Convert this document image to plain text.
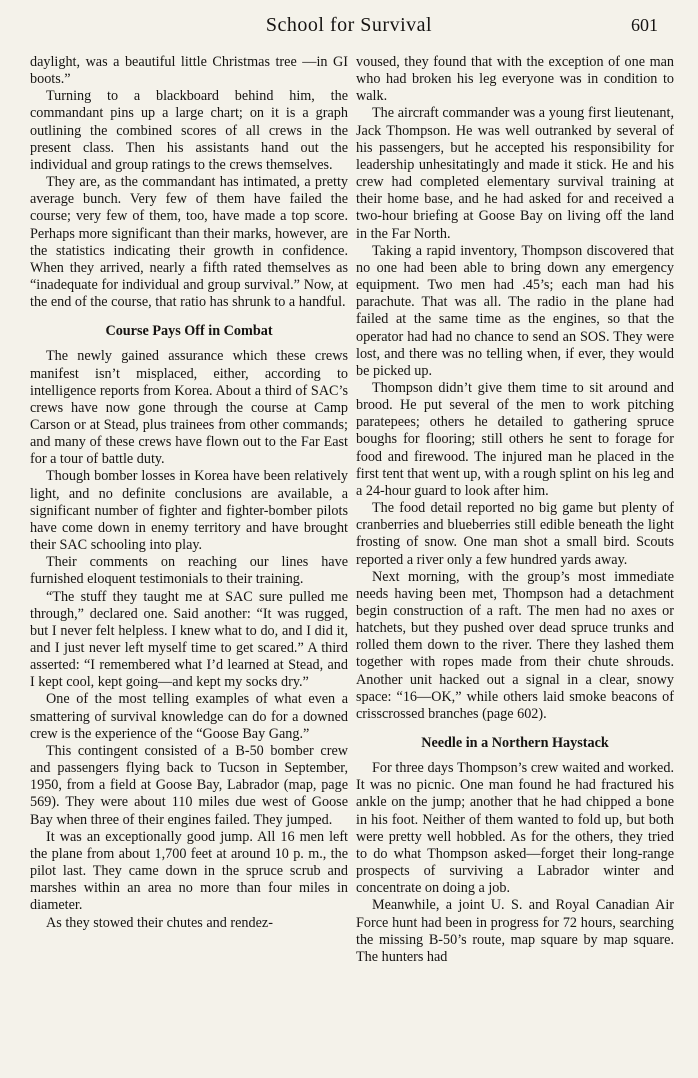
School for Survival	601

daylight, was a beautiful little Christmas tree —in GI boots.”

Turning to a blackboard behind him, the commandant pins up a large chart; on it is a graph outlining the combined scores of all crews in the present class. Then his assistants hand out the individual and group ratings to the crews themselves.

They are, as the commandant has intimated, a pretty average bunch. Very few of them have failed the course; very few of them, too, have made a top score. Perhaps more significant than their marks, however, are the statistics indicating their growth in confidence. When they arrived, nearly a fifth rated themselves as “inadequate for individual and group survival.” Now, at the end of the course, that ratio has shrunk to a handful.

Course Pays Off in Combat

The newly gained assurance which these crews manifest isn’t misplaced, either, according to intelligence reports from Korea. About a third of SAC’s crews have now gone through the course at Camp Carson or at Stead, plus trainees from other commands; and many of these crews have flown out to the Far East for a tour of battle duty.

Though bomber losses in Korea have been relatively light, and no definite conclusions are available, a significant number of fighter and fighter-bomber pilots have come down in enemy territory and have brought their SAC schooling into play.

Their comments on reaching our lines have furnished eloquent testimonials to their training.

“The stuff they taught me at SAC sure pulled me through,” declared one. Said another: “It was rugged, but I never felt helpless. I knew what to do, and I did it, and I just never left myself time to get scared.” A third asserted: “I remembered what I’d learned at Stead, and I kept cool, kept going—and kept my socks dry.”

One of the most telling examples of what even a smattering of survival knowledge can do for a downed crew is the experience of the “Goose Bay Gang.”

This contingent consisted of a B-50 bomber crew and passengers flying back to Tucson in September, 1950, from a field at Goose Bay, Labrador (map, page 569). They were about 110 miles due west of Goose Bay when three of their engines failed. They jumped.

It was an exceptionally good jump. All 16 men left the plane from about 1,700 feet at around 10 p. m., the pilot last. They came down in the spruce scrub and marshes within an area no more than four miles in diameter.

As they stowed their chutes and rendez-

voused, they found that with the exception of one man who had broken his leg everyone was in condition to walk.

The aircraft commander was a young first lieutenant, Jack Thompson. He was well outranked by several of his passengers, but he accepted his responsibility for leadership unhesitatingly and made it stick. He and his crew had completed elementary survival training at their home base, and he had asked for and received a two-hour briefing at Goose Bay on living off the land in the Far North.

Taking a rapid inventory, Thompson discovered that no one had been able to bring down any emergency equipment. Two men had .45’s; each man had his parachute. That was all. The radio in the plane had failed at the same time as the engines, so that the operator had had no chance to send an SOS. They were lost, and there was no telling when, if ever, they would be picked up.

Thompson didn’t give them time to sit around and brood. He put several of the men to work pitching paratepees; others he detailed to gathering spruce boughs for flooring; still others he sent to forage for food and firewood. The injured man he placed in the first tent that went up, with a rough splint on his leg and a 24-hour guard to look after him.

The food detail reported no big game but plenty of cranberries and blueberries still edible beneath the light frosting of snow. One man shot a small bird. Scouts reported a river only a few hundred yards away.

Next morning, with the group’s most immediate needs having been met, Thompson had a detachment begin construction of a raft. The men had no axes or hatchets, but they pushed over dead spruce trunks and rolled them down to the river. There they lashed them together with ropes made from their chute shrouds. Another unit hacked out a signal in a clear, snowy space: “16—OK,” while others laid smoke beacons of crisscrossed branches (page 602).

Needle in a Northern Haystack

For three days Thompson’s crew waited and worked. It was no picnic. One man found he had fractured his ankle on the jump; another that he had chipped a bone in his foot. Neither of them wanted to fold up, but both were pretty well hobbled. As for the others, they tried to do what Thompson asked—forget their long-range prospects of surviving a Labrador winter and concentrate on doing a job.

Meanwhile, a joint U. S. and Royal Canadian Air Force hunt had been in progress for 72 hours, searching the missing B-50’s route, map square by map square. The hunters had
